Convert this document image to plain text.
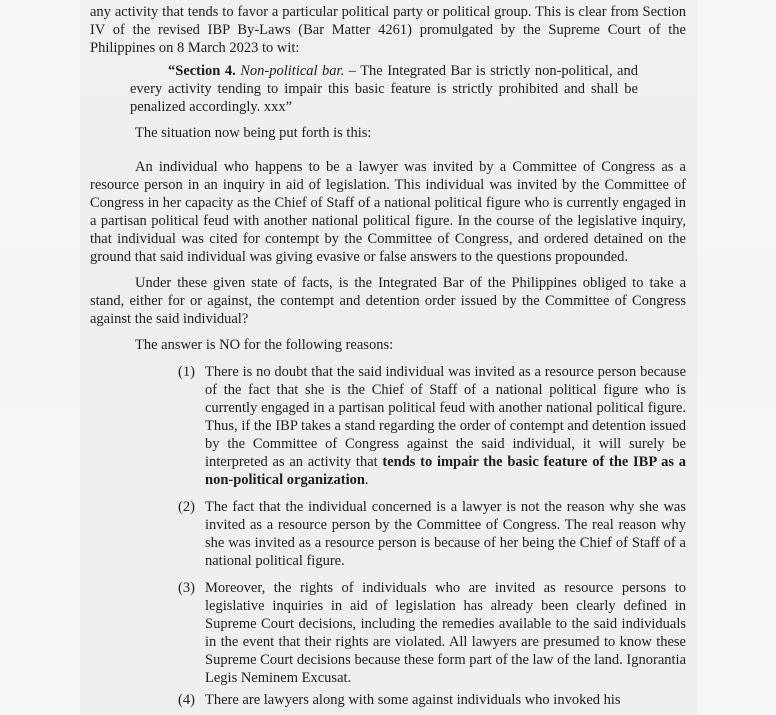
any activity that tends to favor a particular political party or political group. This is clear from Section IV of the revised IBP By-Laws (Bar Matter 4261) promulgated by the Supreme Court of the Philippines on 8 March 2023 to wit:

“Section 4. Non-political bar. – The Integrated Bar is strictly non-political, and every activity tending to impair this basic feature is strictly prohibited and shall be penalized accordingly. xxx”

The situation now being put forth is this:

An individual who happens to be a lawyer was invited by a Committee of Congress as a resource person in an inquiry in aid of legislation. This individual was invited by the Committee of Congress in her capacity as the Chief of Staff of a national political figure who is currently engaged in a partisan political feud with another national political figure. In the course of the legislative inquiry, that individual was cited for contempt by the Committee of Congress, and ordered detained on the ground that said individual was giving evasive or false answers to the questions propounded.

Under these given state of facts, is the Integrated Bar of the Philippines obliged to take a stand, either for or against, the contempt and detention order issued by the Committee of Congress against the said individual?

The answer is NO for the following reasons:

(1) There is no doubt that the said individual was invited as a resource person because of the fact that she is the Chief of Staff of a national political figure who is currently engaged in a partisan political feud with another national political figure. Thus, if the IBP takes a stand regarding the order of contempt and detention issued by the Committee of Congress against the said individual, it will surely be interpreted as an activity that tends to impair the basic feature of the IBP as a non-political organization.
(2) The fact that the individual concerned is a lawyer is not the reason why she was invited as a resource person by the Committee of Congress. The real reason why she was invited as a resource person is because of her being the Chief of Staff of a national political figure.
(3) Moreover, the rights of individuals who are invited as resource persons to legislative inquiries in aid of legislation has already been clearly defined in Supreme Court decisions, including the remedies available to the said individuals in the event that their rights are violated. All lawyers are presumed to know these Supreme Court decisions because these form part of the law of the land. Ignorantia Legis Neminem Excusat.
(4) There are lawyers along with some against individuals who invoked his
